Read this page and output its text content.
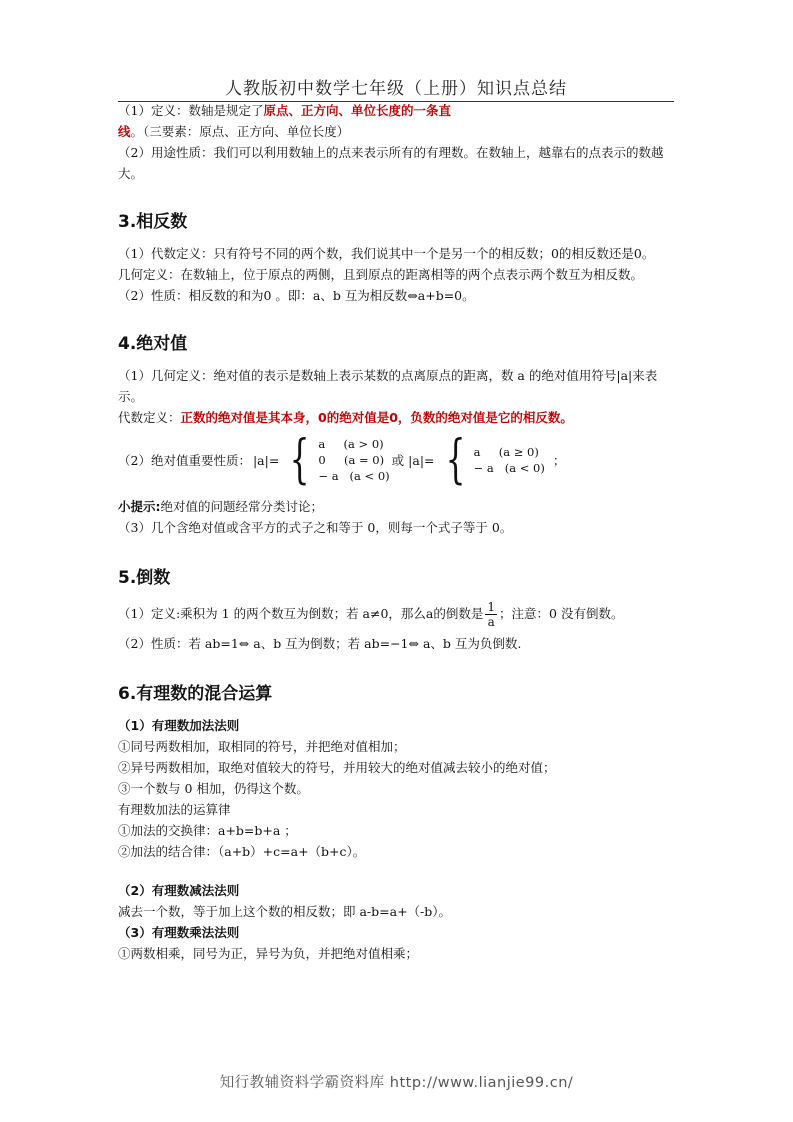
人教版初中数学七年级（上册）知识点总结

（1）定义：数轴是规定了原点、正方向、单位长度的一条直线。（三要素：原点、正方向、单位长度）

（2）用途性质：我们可以利用数轴上的点来表示所有的有理数。在数轴上，越靠右的点表示的数越大。

3.相反数

（1）代数定义：只有符号不同的两个数，我们说其中一个是另一个的相反数；0的相反数还是0。

几何定义：在数轴上，位于原点的两侧，且到原点的距离相等的两个点表示两个数互为相反数。

（2）性质：相反数的和为0 。即：a、b 互为相反数⇔a+b=0。

4.绝对值

（1）几何定义：绝对值的表示是数轴上表示某数的点离原点的距离，数 a 的绝对值用符号|a|来表示。

代数定义：正数的绝对值是其本身，0的绝对值是0，负数的绝对值是它的相反数。

（2）绝对值重要性质： |a|= { a     (a > 0)
0     (a = 0)
− a   (a < 0)
或 |a|= { a     (a ≥ 0)
− a   (a < 0)
；

小提示:绝对值的问题经常分类讨论；

（3）几个含绝对值或含平方的式子之和等于 0，则每一个式子等于 0。

5.倒数

（1）定义:乘积为 1 的两个数互为倒数；若 a≠0，那么a的倒数是 $\frac{1}{a}$ ；注意：0 没有倒数。

（2）性质：若 ab=1⇔ a、b 互为倒数；若 ab=−1⇔ a、b 互为负倒数.

6.有理数的混合运算
（1）有理数加法法则

①同号两数相加，取相同的符号，并把绝对值相加；

②异号两数相加，取绝对值较大的符号，并用较大的绝对值减去较小的绝对值；

③一个数与 0 相加，仍得这个数。

有理数加法的运算律

①加法的交换律：a+b=b+a ；

②加法的结合律：（a+b）+c=a+（b+c）。

（2）有理数减法法则

减去一个数，等于加上这个数的相反数；即 a-b=a+（-b）。

（3）有理数乘法法则

①两数相乘，同号为正，异号为负，并把绝对值相乘；

知行教辅资料学霸资料库 http://www.lianjie99.cn/
